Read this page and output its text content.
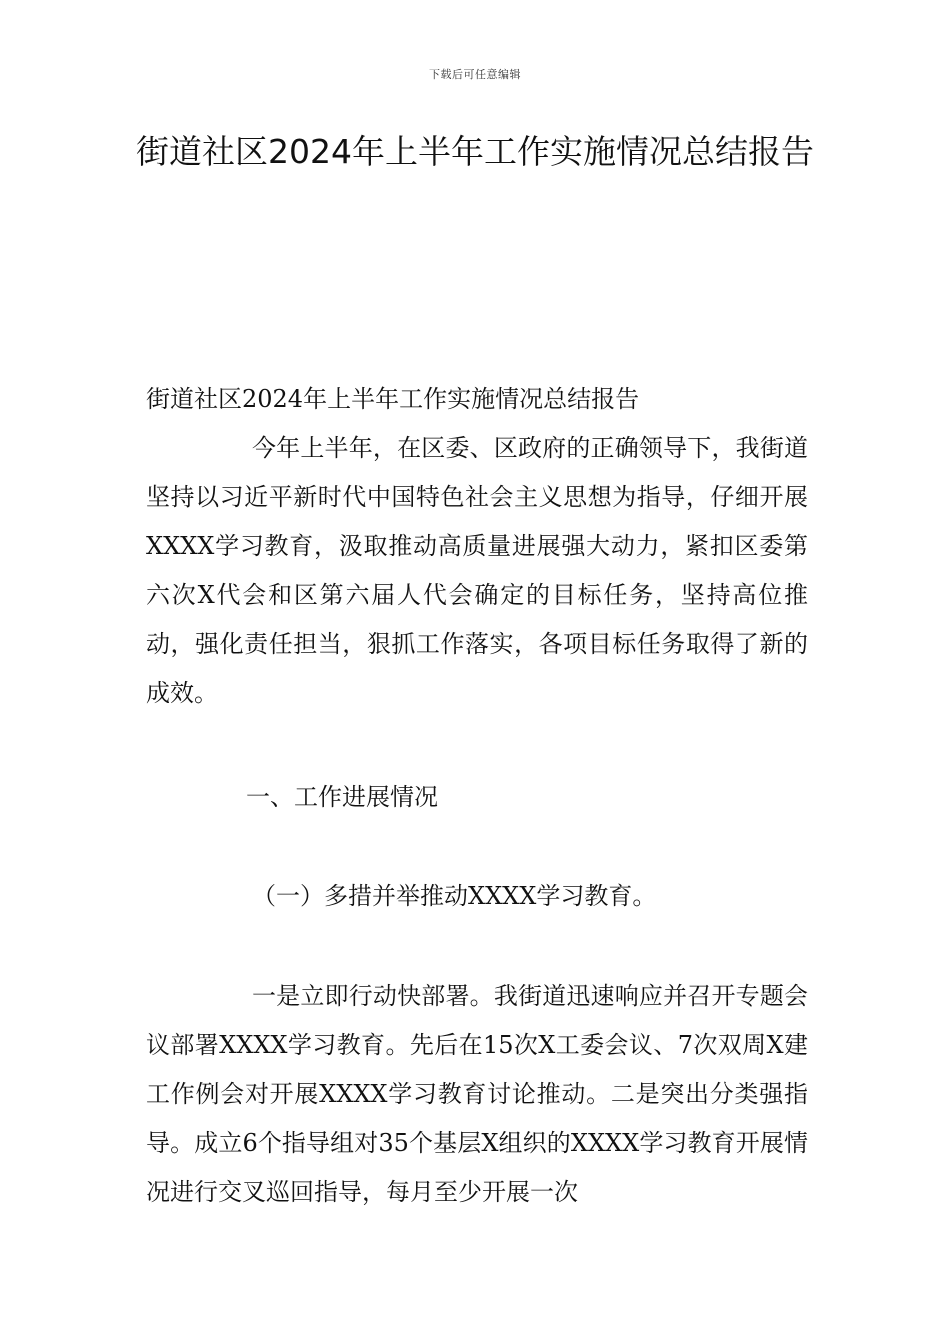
下载后可任意编辑
街道社区2024年上半年工作实施情况总结报告

街道社区2024年上半年工作实施情况总结报告

今年上半年，在区委、区政府的正确领导下，我街道坚持以习近平新时代中国特色社会主义思想为指导，仔细开展XXXX学习教育，汲取推动高质量进展强大动力，紧扣区委第六次X代会和区第六届人代会确定的目标任务，坚持高位推动，强化责任担当，狠抓工作落实，各项目标任务取得了新的成效。

一、工作进展情况

（一）多措并举推动XXXX学习教育。

一是立即行动快部署。我街道迅速响应并召开专题会议部署XXXX学习教育。先后在15次X工委会议、7次双周X建工作例会对开展XXXX学习教育讨论推动。二是突出分类强指导。成立6个指导组对35个基层X组织的XXXX学习教育开展情况进行交叉巡回指导，每月至少开展一次
